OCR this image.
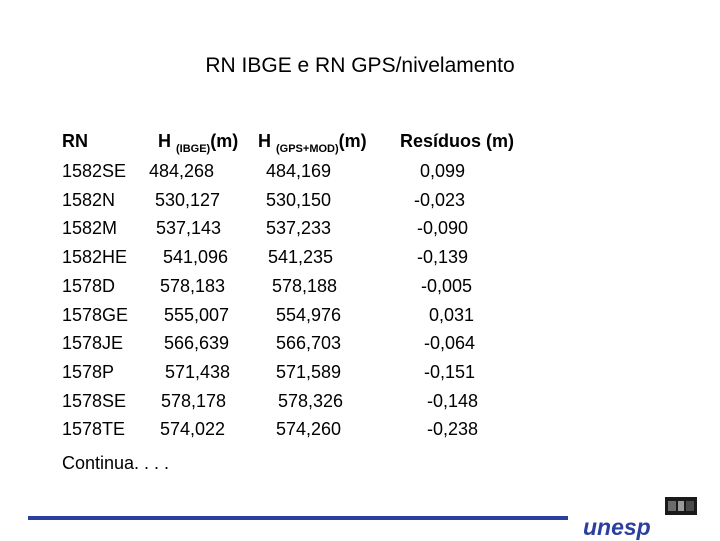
RN IBGE e RN GPS/nivelamento
RN	H $_{(IBGE)}$(m) H $_{(GPS+MOD)}$(m) Resíduos (m)
1582SE 484,268	484,169	0,099
1582N 530,127	530,150	-0,023
1582M 537,143 537,233	-0,090
1582HE 541,096 541,235	-0,139
1578D 578,183	578,188	-0,005
1578GE 555,007	554,976	0,031
1578JE 566,639	566,703	-0,064
1578P	571,438	571,589	-0,151
1578SE 578,178	578,326	-0,148
1578TE 574,022	574,260	-0,238
Continua. . . .
unesp
